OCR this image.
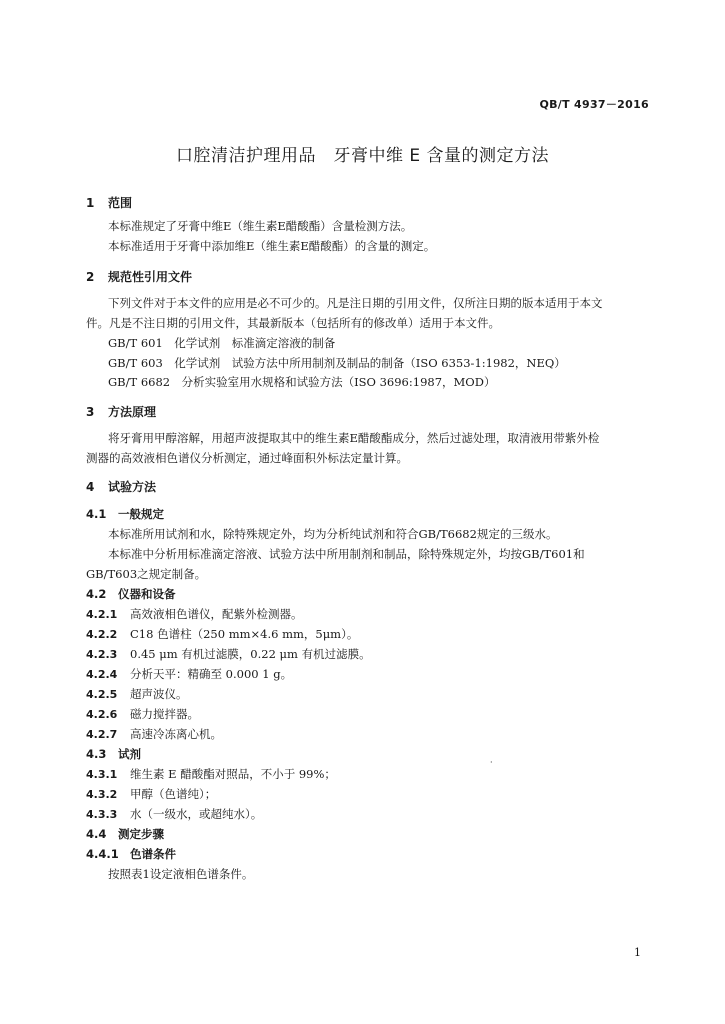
QB/T 4937－2016
口腔清洁护理用品　牙膏中维 E 含量的测定方法
1 范围
本标准规定了牙膏中维E（维生素E醋酸酯）含量检测方法。
本标准适用于牙膏中添加维E（维生素E醋酸酯）的含量的测定。
2 规范性引用文件
下列文件对于本文件的应用是必不可少的。凡是注日期的引用文件，仅所注日期的版本适用于本文
件。凡是不注日期的引用文件，其最新版本（包括所有的修改单）适用于本文件。
GB/T 601　化学试剂　标准滴定溶液的制备
GB/T 603　化学试剂　试验方法中所用制剂及制品的制备（ISO 6353-1:1982，NEQ）
GB/T 6682　分析实验室用水规格和试验方法（ISO 3696:1987，MOD）
3 方法原理
将牙膏用甲醇溶解，用超声波提取其中的维生素E醋酸酯成分，然后过滤处理，取清液用带紫外检
测器的高效液相色谱仪分析测定，通过峰面积外标法定量计算。
4 试验方法
4.1 一般规定
本标准所用试剂和水，除特殊规定外，均为分析纯试剂和符合GB/T6682规定的三级水。
本标准中分析用标准滴定溶液、试验方法中所用制剂和制品，除特殊规定外，均按GB/T601和
GB/T603之规定制备。
4.2 仪器和设备
4.2.1 高效液相色谱仪，配紫外检测器。
4.2.2 C18 色谱柱（250 mm×4.6 mm，5μm）。
4.2.3 0.45 μm 有机过滤膜，0.22 μm 有机过滤膜。
4.2.4 分析天平：精确至 0.000 1 g。
4.2.5 超声波仪。
4.2.6 磁力搅拌器。
4.2.7 高速冷冻离心机。
4.3 试剂
4.3.1 维生素 E 醋酸酯对照品，不小于 99%；
4.3.2 甲醇（色谱纯）；
4.3.3 水（一级水，或超纯水）。
·
4.4 测定步骤
4.4.1 色谱条件
按照表1设定液相色谱条件。
1
